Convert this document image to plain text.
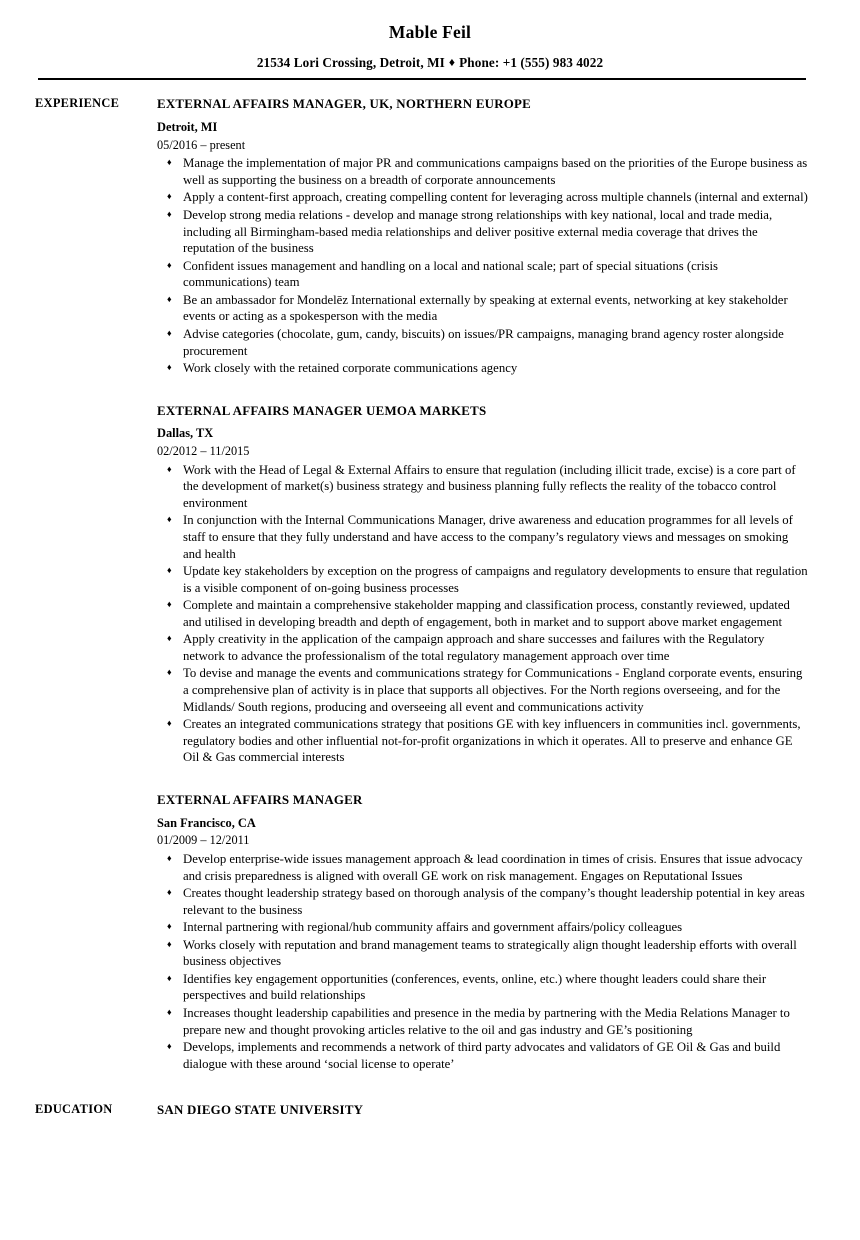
Mable Feil
21534 Lori Crossing, Detroit, MI ♦ Phone: +1 (555) 983 4022
EXPERIENCE	EXTERNAL AFFAIRS MANAGER, UK, NORTHERN EUROPE
Detroit, MI
05/2016 – present
♦ Manage the implementation of major PR and communications campaigns based on the priorities of the Europe business as well as supporting the business on a breadth of corporate announcements
♦ Apply a content-first approach, creating compelling content for leveraging across multiple channels (internal and external)
♦ Develop strong media relations - develop and manage strong relationships with key national, local and trade media, including all Birmingham-based media relationships and deliver positive external media coverage that drives the reputation of the business
♦ Confident issues management and handling on a local and national scale; part of special situations (crisis communications) team
♦ Be an ambassador for Mondelēz International externally by speaking at external events, networking at key stakeholder events or acting as a spokesperson with the media
♦ Advise categories (chocolate, gum, candy, biscuits) on issues/PR campaigns, managing brand agency roster alongside procurement
♦ Work closely with the retained corporate communications agency
EXTERNAL AFFAIRS MANAGER UEMOA MARKETS
Dallas, TX
02/2012 – 11/2015
♦ Work with the Head of Legal & External Affairs to ensure that regulation (including illicit trade, excise) is a core part of the development of market(s) business strategy and business planning fully reflects the reality of the tobacco control environment
♦ In conjunction with the Internal Communications Manager, drive awareness and education programmes for all levels of staff to ensure that they fully understand and have access to the company’s regulatory views and messages on smoking and health
♦ Update key stakeholders by exception on the progress of campaigns and regulatory developments to ensure that regulation is a visible component of on-going business processes
♦ Complete and maintain a comprehensive stakeholder mapping and classification process, constantly reviewed, updated and utilised in developing breadth and depth of engagement, both in market and to support above market engagement
♦ Apply creativity in the application of the campaign approach and share successes and failures with the Regulatory network to advance the professionalism of the total regulatory management approach over time
♦ To devise and manage the events and communications strategy for Communications - England corporate events, ensuring a comprehensive plan of activity is in place that supports all objectives. For the North regions overseeing, and for the Midlands/ South regions, producing and overseeing all event and communications activity
♦ Creates an integrated communications strategy that positions GE with key influencers in communities incl. governments, regulatory bodies and other influential not-for-profit organizations in which it operates. All to preserve and enhance GE Oil & Gas commercial interests
EXTERNAL AFFAIRS MANAGER
San Francisco, CA
01/2009 – 12/2011
♦ Develop enterprise-wide issues management approach & lead coordination in times of crisis. Ensures that issue advocacy and crisis preparedness is aligned with overall GE work on risk management. Engages on Reputational Issues
♦ Creates thought leadership strategy based on thorough analysis of the company’s thought leadership potential in key areas relevant to the business
♦ Internal partnering with regional/hub community affairs and government affairs/policy colleagues
♦ Works closely with reputation and brand management teams to strategically align thought leadership efforts with overall business objectives
♦ Identifies key engagement opportunities (conferences, events, online, etc.) where thought leaders could share their perspectives and build relationships
♦ Increases thought leadership capabilities and presence in the media by partnering with the Media Relations Manager to prepare new and thought provoking articles relative to the oil and gas industry and GE’s positioning
♦ Develops, implements and recommends a network of third party advocates and validators of GE Oil & Gas and build dialogue with these around ‘social license to operate’
EDUCATION	SAN DIEGO STATE UNIVERSITY
